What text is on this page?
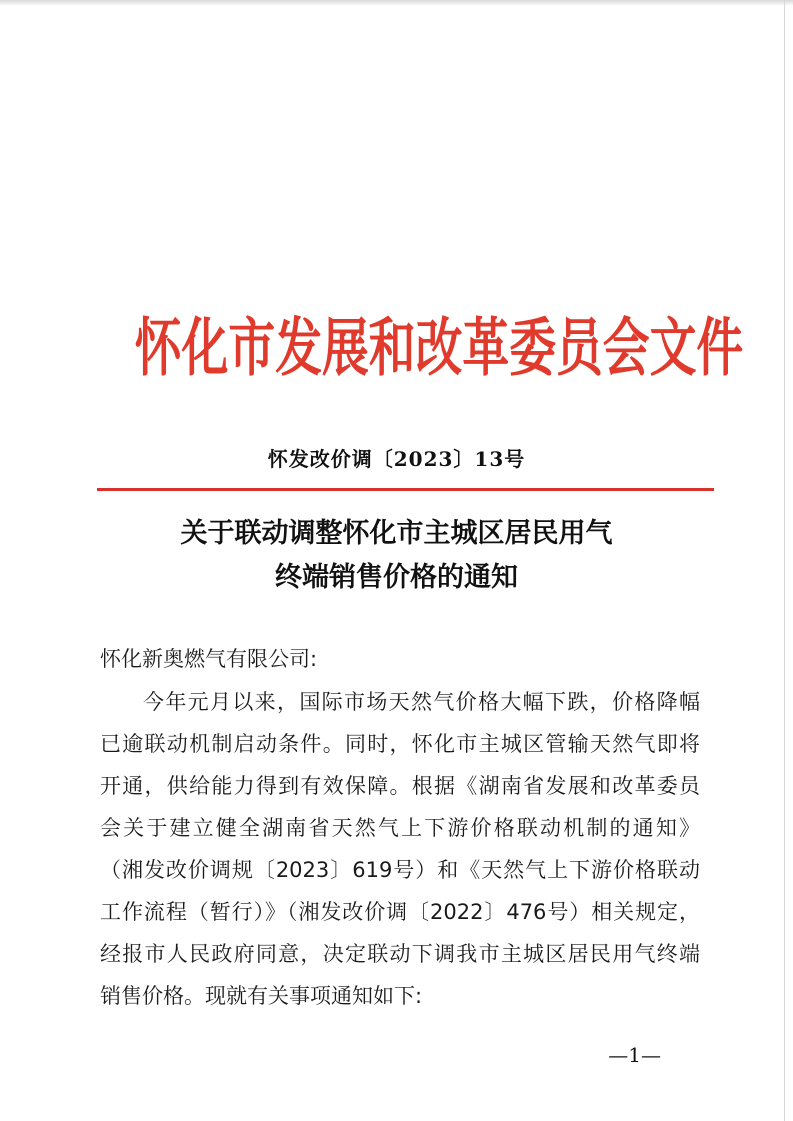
怀化市发展和改革委员会文件
怀发改价调〔2023〕13号
关于联动调整怀化市主城区居民用气
终端销售价格的通知
怀化新奥燃气有限公司:
今年元月以来，国际市场天然气价格大幅下跌，价格降幅
已逾联动机制启动条件。同时，怀化市主城区管输天然气即将
开通，供给能力得到有效保障。根据《湖南省发展和改革委员
会关于建立健全湖南省天然气上下游价格联动机制的通知》
（湘发改价调规〔2023〕619号）和《天然气上下游价格联动
工作流程（暂行）》（湘发改价调〔2022〕476号）相关规定，
经报市人民政府同意，决定联动下调我市主城区居民用气终端
销售价格。现就有关事项通知如下:
—1—
